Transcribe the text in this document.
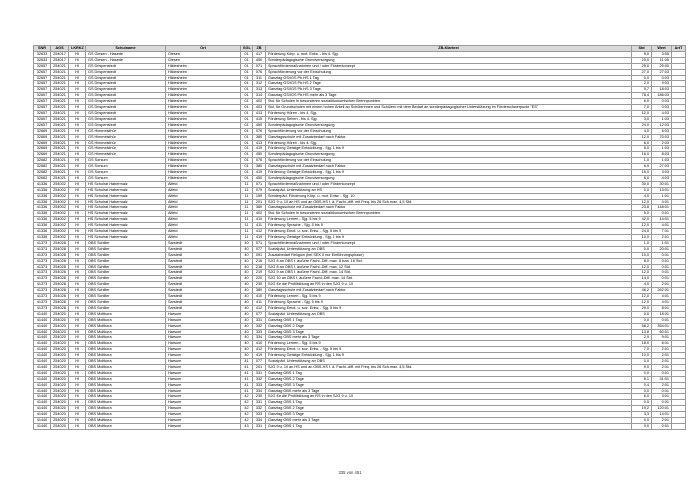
SNR	AGS	LKRKZ	Schulname	Ort	SGL	ZB	ZB-Klartext	Std	Wert	ArtT
32633	254017	HI	GS Giesen - Hasede	Giesen	01	417	Förderung Körp. u. mot. Entw. - bis 4. Sjg.	9,0	3:05	
32633	254017	HI	GS Giesen - Hasede	Giesen	01	450	Sonderpädagogische Grundversorgung	20,0	11:05	
32657	254021	HI	GS Drispenstedt	Hildesheim	01	071	Sprachfördermaßnahmen und / oder Förderkonzept	25,0	25:00	
32657	254021	HI	GS Drispenstedt	Hildesheim	01	076	Sprachförderung vor der Einschulung	27,0	27:03	
32657	254021	HI	GS Drispenstedt	Hildesheim	01	311	Ganztag GS/IGS Pb.HS 1 Tag	0,0	0:03	
32657	254021	HI	GS Drispenstedt	Hildesheim	01	312	Ganztag GS/IGS Pb.HS 2 Tage	2,0	9:03	
32657	254021	HI	GS Drispenstedt	Hildesheim	01	313	Ganztag GS/IGS Pb.HS 3 Tage	5,7	18:03	
32657	254021	HI	GS Drispenstedt	Hildesheim	01	314	Ganztag GS/IGS Pb.HS mehr als 3 Tage	78,4	186:03	
32657	254021	HI	GS Drispenstedt	Hildesheim	01	402	Std. für Schulen in besonderen sozialökonomischen Brennpunkten	6,0	0:03	
32657	254021	HI	GS Drispenstedt	Hildesheim	01	403	Std. für Grundschulen mit einem hohen Anteil an Schülerinnen und Schülern mit dem Bedarf an sonderpädagogischer Unterstützung im Förderschwerpunkt "ES"	7,0	0:03	
32657	254021	HI	GS Drispenstedt	Hildesheim	01	413	Förderung Hören - bis 4. Sjg.	12,0	4:03	
32657	254021	HI	GS Drispenstedt	Hildesheim	01	415	Förderung Sehen - bis 4. Sjg.	3,0	1:03	
32657	254021	HI	GS Drispenstedt	Hildesheim	01	450	Sonderpädagogische Grundversorgung	24,0	12:03	
32669	254021	HI	GS Himmelsthür	Hildesheim	01	076	Sprachförderung vor der Einschulung	4,0	6:03	
32669	254021	HI	GS Himmelsthür	Hildesheim	01	380	Ganztagsschule mit Zusatzbedarf nach Faktor	12,0	70:03	
32669	254021	HI	GS Himmelsthür	Hildesheim	01	413	Förderung Hören - bis 4. Sjg.	6,0	2:03	
32669	254021	HI	GS Himmelsthür	Hildesheim	01	419	Förderung Geistige Entwicklung - Sjg. 1 bis 9	5,0	1:03	
32669	254021	HI	GS Himmelsthür	Hildesheim	01	450	Sonderpädagogische Grundversorgung	16,0	8:03	
32682	254021	HI	GS Sorsum	Hildesheim	01	076	Sprachförderung vor der Einschulung	1,0	1:03	
32682	254021	HI	GS Sorsum	Hildesheim	01	380	Ganztagsschule mit Zusatzbedarf nach Faktor	6,9	27:03	
32682	254021	HI	GS Sorsum	Hildesheim	01	419	Förderung Geistige Entwicklung - Sjg. 1 bis 9	15,0	3:03	
32682	254021	HI	GS Sorsum	Hildesheim	01	450	Sonderpädagogische Grundversorgung	8,0	4:03	
41336	254002	HI	HS Schulrat Habermalz	Alfeld	11	071	Sprachfördermaßnahmen und / oder Förderkonzept	30,0	30:01	
41336	254002	HI	HS Schulrat Habermalz	Alfeld	11	079	Sozialpäd. Unterstützung an HS	0,0	13:01	
41336	254002	HI	HS Schulrat Habermalz	Alfeld	11	159	Sonderpäd. Förderung Körp. u. mot. Entw. - Sjg. 10	4,0	1:01	
41336	254002	HI	HS Schulrat Habermalz	Alfeld	11	201	SJG 9 u. 10 an HS und an OBS-HS f. â. Fachl.-diff. mit Freq. bis 26 Sch.max. 4,5 Std.	12,0	4:01	
41336	254002	HI	HS Schulrat Habermalz	Alfeld	11	380	Ganztagsschule mit Zusatzbedarf nach Faktor	23,8	148:01	
41336	254002	HI	HS Schulrat Habermalz	Alfeld	11	402	Std. für Schulen in besonderen sozialökonomischen Brennpunkten	5,0	0:01	
41336	254002	HI	HS Schulrat Habermalz	Alfeld	11	410	Förderung Lernen - Sjg. 5 bis 9	42,0	14:01	
41336	254002	HI	HS Schulrat Habermalz	Alfeld	11	411	Förderung Sprache - Sjg. 5 bis 9	12,0	4:01	
41336	254002	HI	HS Schulrat Habermalz	Alfeld	11	412	Förderung Emot. u. soz. Entw. - Sjg. 5 bis 9	24,5	7:01	
41336	254002	HI	HS Schulrat Habermalz	Alfeld	11	419	Förderung Geistige Entwicklung - Sjg. 1 bis 9	10,0	2:01	
41373	254028	HI	OBS Schiller	Sarstedt	40	071	Sprachfördermaßnahmen und / oder Förderkonzept	1,0	1:01	
41373	254028	HI	OBS Schiller	Sarstedt	40	077	Sozialpäd. Unterstützung an OBS	0,0	20:01	
41373	254028	HI	OBS Schiller	Sarstedt	40	091	Zusatzbedarf Religion (bei SEK II nur Einführungsphase)	10,0	0:01	
41373	254028	HI	OBS Schiller	Sarstedt	40	216	SJG 8 an OBS f. äußere Fachl.-Diff. max. 8 bzw. 16 Std.	8,0	0:01	
41373	254028	HI	OBS Schiller	Sarstedt	40	218	SJG 8 an OBS f. äußere Fachl.-Diff. max. 12 Std.	12,0	0:01	
41373	254028	HI	OBS Schiller	Sarstedt	40	219	SJG 9 an OBS f. äußere Fachl.-Diff. max. 14 Std.	12,0	0:01	
41373	254028	HI	OBS Schiller	Sarstedt	40	220	SJG 10 an OBS f. äußere Fachl.-Diff. max. 14 Std.	14,0	0:01	
41373	254028	HI	OBS Schiller	Sarstedt	40	230	SJG für die Profilbildung an RS in den SJG 9 u. 10	4,0	2:01	
41373	254028	HI	OBS Schiller	Sarstedt	40	380	Ganztagsschule mit Zusatzbedarf nach Faktor	46,2	262:01	
41373	254028	HI	OBS Schiller	Sarstedt	40	410	Förderung Lernen - Sjg. 5 bis 9	12,0	4:01	
41373	254028	HI	OBS Schiller	Sarstedt	40	411	Förderung Sprache - Sjg. 5 bis 9	12,0	4:01	
41373	254028	HI	OBS Schiller	Sarstedt	40	412	Förderung Emot. u. soz. Entw. - Sjg. 5 bis 9	29,0	8:01	
41440	254020	HI	OBS Moltkora	Harsum	40	077	Sozialpäd. Unterstützung an OBS	0,0	18:01	
41440	254020	HI	OBS Moltkora	Harsum	40	331	Ganztag OBS 1 Tag	0,0	0:01	
41440	254020	HI	OBS Moltkora	Harsum	40	332	Ganztag OBS 2 Tage	58,2	354:01	
41440	254020	HI	OBS Moltkora	Harsum	40	333	Ganztag OBS 3 Tage	13,8	60:01	
41440	254020	HI	OBS Moltkora	Harsum	40	334	Ganztag OBS mehr als 3 Tage	2,9	9:01	
41440	254020	HI	OBS Moltkora	Harsum	40	410	Förderung Lernen - Sjg. 5 bis 9	18,0	6:01	
41440	254020	HI	OBS Moltkora	Harsum	40	412	Förderung Emot. u. soz. Entw. - Sjg. 5 bis 9	7,0	2:01	
41440	254020	HI	OBS Moltkora	Harsum	40	419	Förderung Geistige Entwicklung - Sjg. 1 bis 9	10,0	2:01	
41440	254020	HI	OBS Moltkora	Harsum	41	077	Sozialpäd. Unterstützung an OBS	0,0	2:01	
41440	254020	HI	OBS Moltkora	Harsum	41	201	SJG 9 u. 10 an HS und an OBS-HS f. â. Fachl.-diff. mit Freq. bis 26 Sch.max. 4,5 Std.	9,0	2:01	
41440	254020	HI	OBS Moltkora	Harsum	41	331	Ganztag OBS 1 Tag	0,0	0:01	
41440	254020	HI	OBS Moltkora	Harsum	41	332	Ganztag OBS 2 Tage	5,1	31:01	
41440	254020	HI	OBS Moltkora	Harsum	41	333	Ganztag OBS 3 Tage	0,4	2:01	
41440	254020	HI	OBS Moltkora	Harsum	41	334	Ganztag OBS mehr als 3 Tage	0,0	0:01	
41440	254020	HI	OBS Moltkora	Harsum	42	230	SJG für die Profilbildung an RS in den SJG 9 u. 10	6,0	3:01	
41440	254020	HI	OBS Moltkora	Harsum	42	331	Ganztag OBS 1 Tag	0,0	0:01	
41440	254020	HI	OBS Moltkora	Harsum	42	332	Ganztag OBS 2 Tage	19,2	120:01	
41440	254020	HI	OBS Moltkora	Harsum	42	333	Ganztag OBS 3 Tage	3,3	14:01	
41440	254020	HI	OBS Moltkora	Harsum	42	334	Ganztag OBS mehr als 3 Tage	0,0	2:01	
41440	254020	HI	OBS Moltkora	Harsum	43	331	Ganztag OBS 1 Tag	0,0	0:01	
335 von 451
